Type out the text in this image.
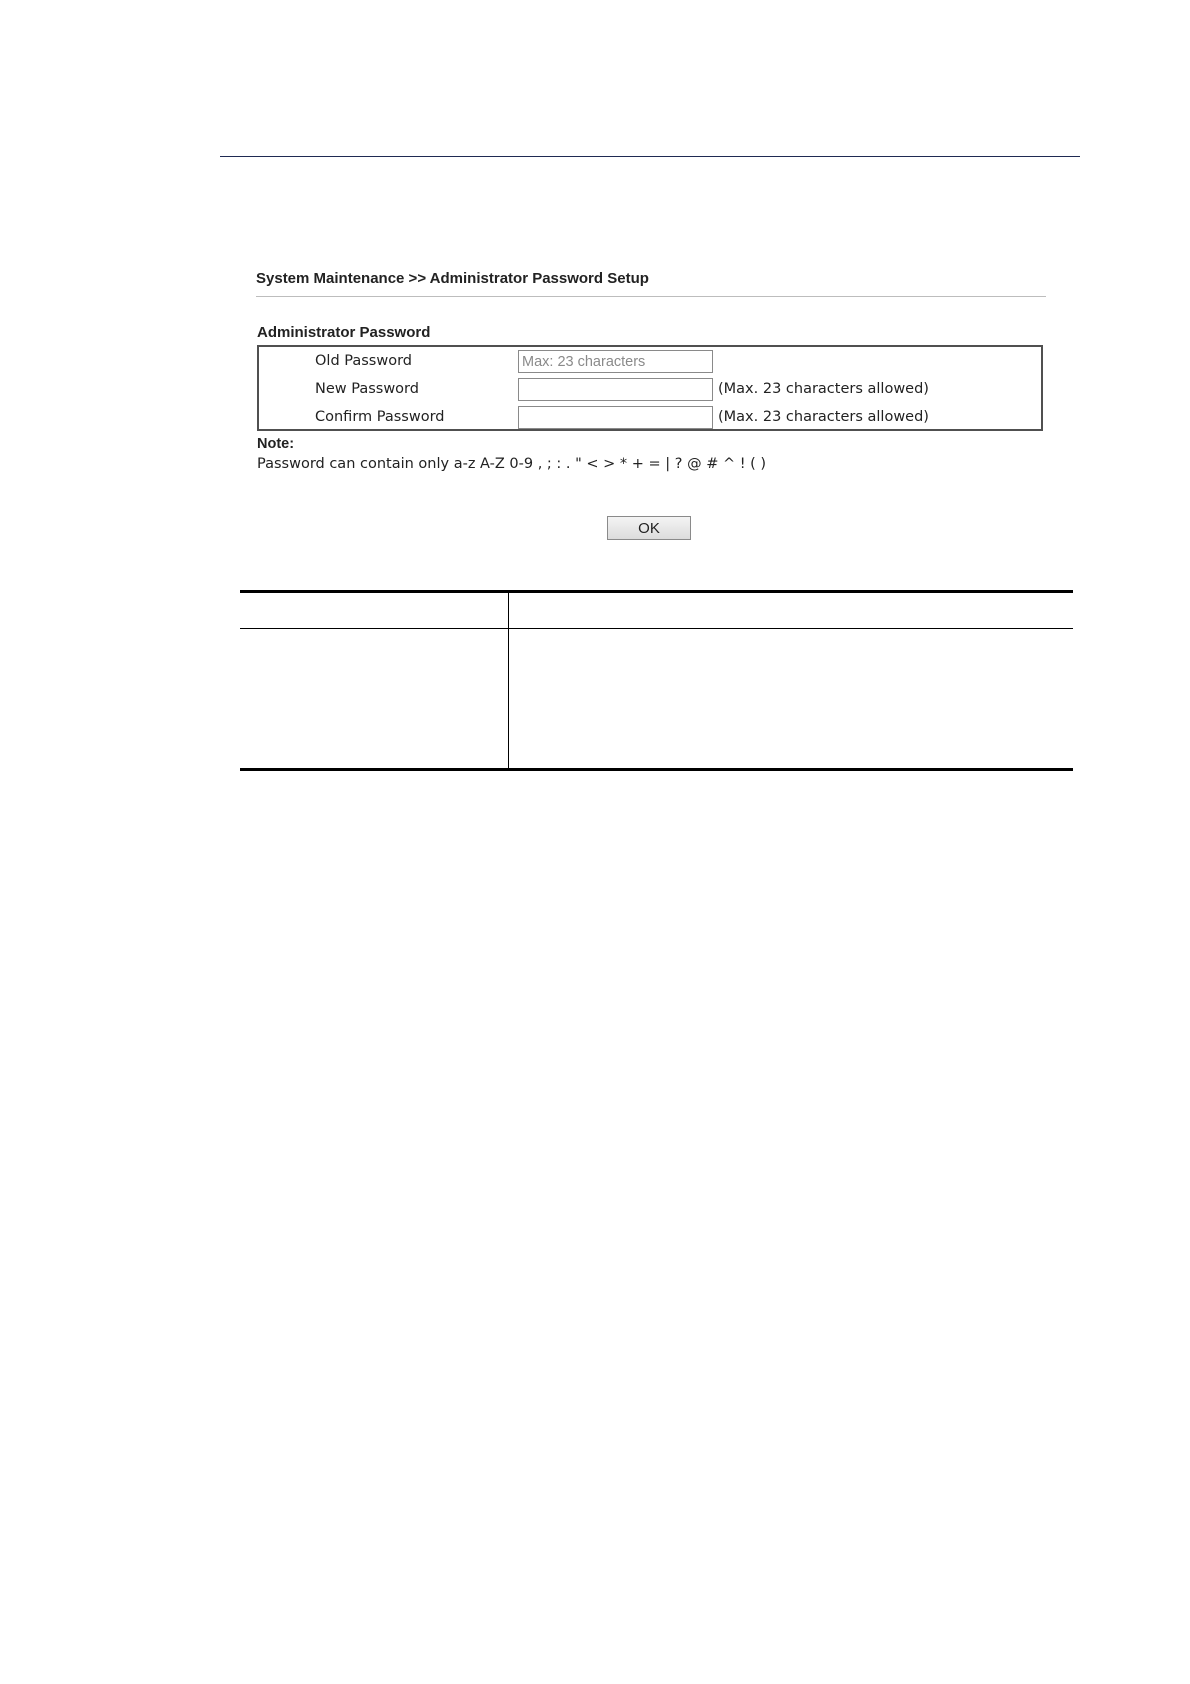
System Maintenance >> Administrator Password Setup
Administrator Password
Old Password
Max: 23 characters
New Password	(Max. 23 characters allowed)
Confirm Password	(Max. 23 characters allowed)
Note:
Password can contain only a-z A-Z 0-9 , ; : . " < > * + = | ? @ # ^ ! ( )
OK
